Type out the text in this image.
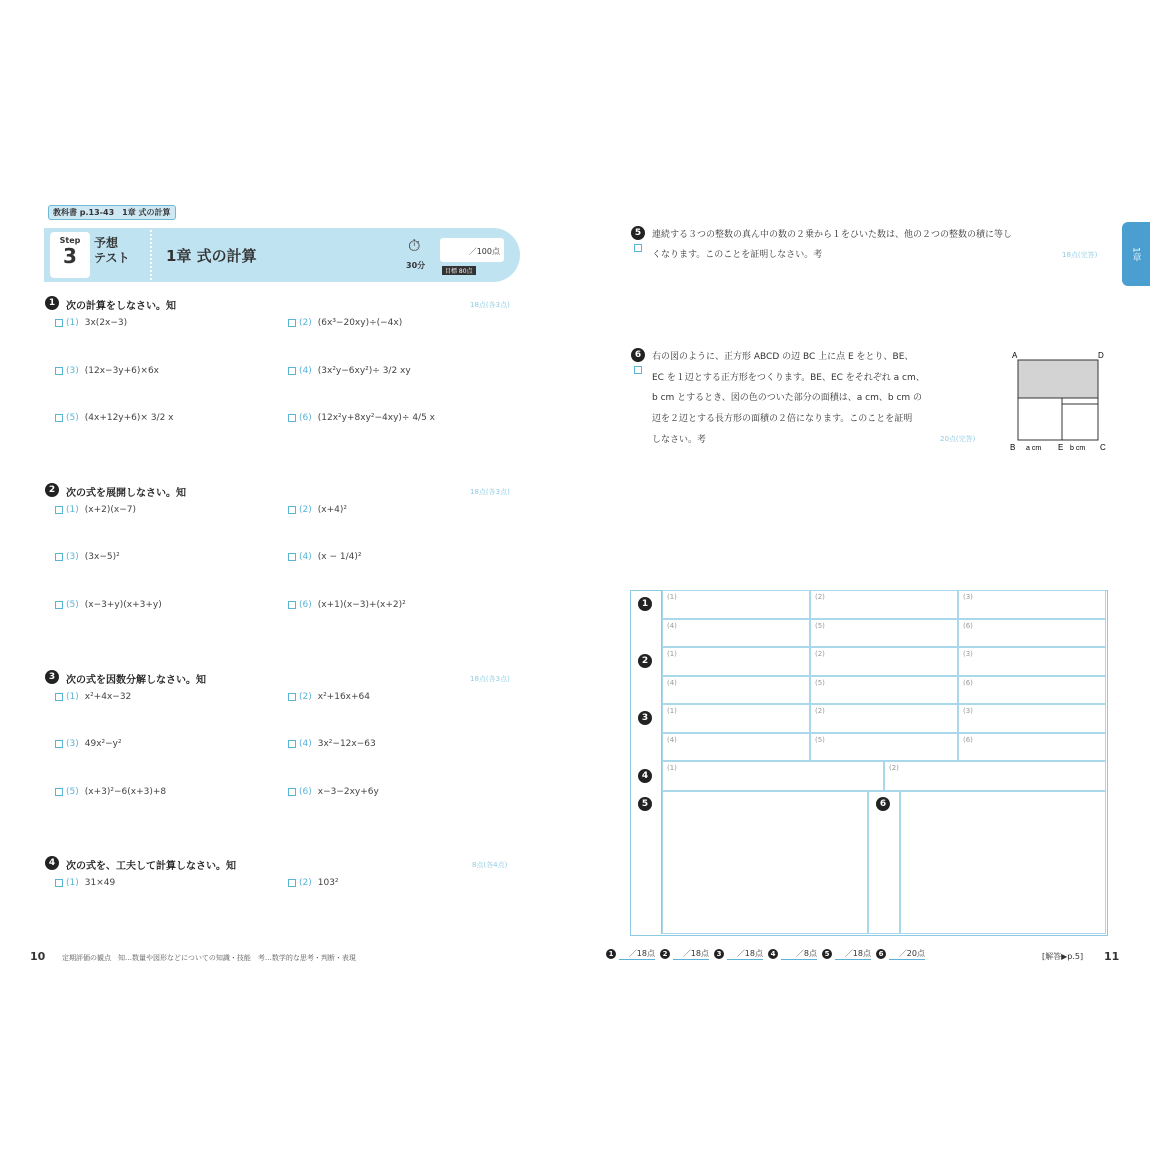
教科書 p.13-43　1章 式の計算
Step
3
予想
テスト 1章 式の計算
⏱
30分
／100点
目標 80点
1	次の計算をしなさい。知	18点(各3点)
(1) 3x(2x−3)	(2) (6x³−20xy)÷(−4x)
(3) (12x−3y+6)×6x	(4) (3x²y−6xy²)÷ 3/2 xy
(5) (4x+12y+6)× 3/2 x	(6) (12x²y+8xy²−4xy)÷ 4/5 x
2	次の式を展開しなさい。知	18点(各3点)
(1) (x+2)(x−7)	(2) (x+4)²
(3) (3x−5)²	(4) (x − 1/4)²
(5) (x−3+y)(x+3+y)	(6) (x+1)(x−3)+(x+2)²
3	次の式を因数分解しなさい。知	18点(各3点)
(1) x²+4x−32	(2) x²+16x+64
(3) 49x²−y²	(4) 3x²−12x−63
(5) (x+3)²−6(x+3)+8	(6) x−3−2xy+6y
4	次の式を、工夫して計算しなさい。知	8点(各4点)
(1) 31×49	(2) 103²
10 定期評価の観点　知…数量や図形などについての知識・技能　考…数学的な思考・判断・表現
1章
5	連続する３つの整数の真ん中の数の２乗から１をひいた数は、他の２つの整数の積に等し
くなります。このことを証明しなさい。考	18点(完答)
6	右の図のように、正方形 ABCD の辺 BC 上に点 E をとり、BE、
EC を１辺とする正方形をつくります。BE、EC をそれぞれ a cm、
b cm とするとき、図の色のついた部分の面積は、a cm、b cm の
辺を２辺とする長方形の面積の２倍になります。このことを証明
しなさい。考	20点(完答)
A	D
B	E	C
a cm	b cm
1
(1)	(2)	(3)
(4)	(5)	(6)
2
(1)	(2)	(3)
(4)	(5)	(6)
3
(1)	(2)	(3)
(4)	(5)	(6)
4
(1)	(2)
5	6
1	／18点	2	／18点	3	／18点	4	／8点	5	／18点	6	／20点	[解答▶p.5] 11
